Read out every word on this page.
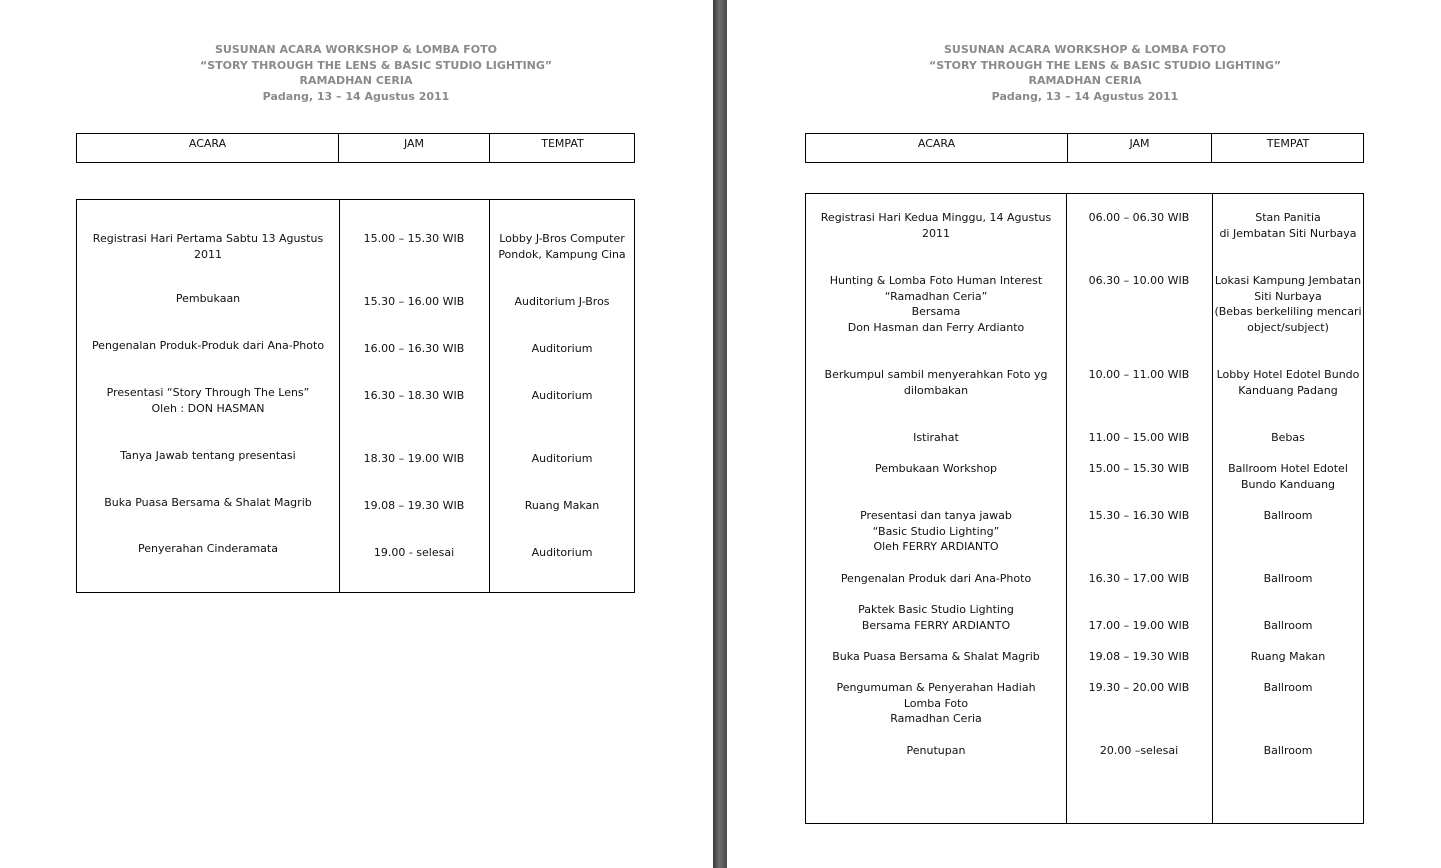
SUSUNAN ACARA WORKSHOP & LOMBA FOTO
“STORY THROUGH THE LENS & BASIC STUDIO LIGHTING”
RAMADHAN CERIA
Padang, 13 – 14 Agustus 2011
ACARA	JAM	TEMPAT
Registrasi Hari Pertama Sabtu 13 Agustus 2011
15.00 – 15.30 WIB	Lobby J-Bros Computer
Pondok, Kampung Cina
Pembukaan	15.30 – 16.00 WIB	Auditorium J-Bros
Pengenalan Produk-Produk dari Ana-Photo	16.00 – 16.30 WIB	Auditorium
Presentasi “Story Through The Lens”
Oleh : DON HASMAN
16.30 – 18.30 WIB	Auditorium
Tanya Jawab tentang presentasi	18.30 – 19.00 WIB	Auditorium
Buka Puasa Bersama & Shalat Magrib	19.08 – 19.30 WIB	Ruang Makan
Penyerahan Cinderamata	19.00 - selesai	Auditorium
SUSUNAN ACARA WORKSHOP & LOMBA FOTO
“STORY THROUGH THE LENS & BASIC STUDIO LIGHTING”
RAMADHAN CERIA
Padang, 13 – 14 Agustus 2011
ACARA	JAM	TEMPAT
Registrasi Hari Kedua Minggu, 14 Agustus 2011
06.00 – 06.30 WIB	Stan Panitia
di Jembatan Siti Nurbaya
Hunting & Lomba Foto Human Interest
“Ramadhan Ceria”
Bersama
Don Hasman dan Ferry Ardianto
06.30 – 10.00 WIB	Lokasi Kampung Jembatan
Siti Nurbaya
(Bebas berkeliling mencari
object/subject)
Berkumpul sambil menyerahkan Foto yg
dilombakan
10.00 – 11.00 WIB	Lobby Hotel Edotel Bundo
Kanduang Padang
Istirahat	11.00 – 15.00 WIB	Bebas
Pembukaan Workshop	15.00 – 15.30 WIB	Ballroom Hotel Edotel
Bundo Kanduang
Presentasi dan tanya jawab
“Basic Studio Lighting”
Oleh FERRY ARDIANTO
15.30 – 16.30 WIB	Ballroom
Pengenalan Produk dari Ana-Photo	16.30 – 17.00 WIB	Ballroom
Paktek Basic Studio Lighting
Bersama FERRY ARDIANTO	17.00 – 19.00 WIB	Ballroom
Buka Puasa Bersama & Shalat Magrib	19.08 – 19.30 WIB	Ruang Makan
Pengumuman & Penyerahan Hadiah
Lomba Foto
Ramadhan Ceria
19.30 – 20.00 WIB	Ballroom
Penutupan	20.00 –selesai	Ballroom
